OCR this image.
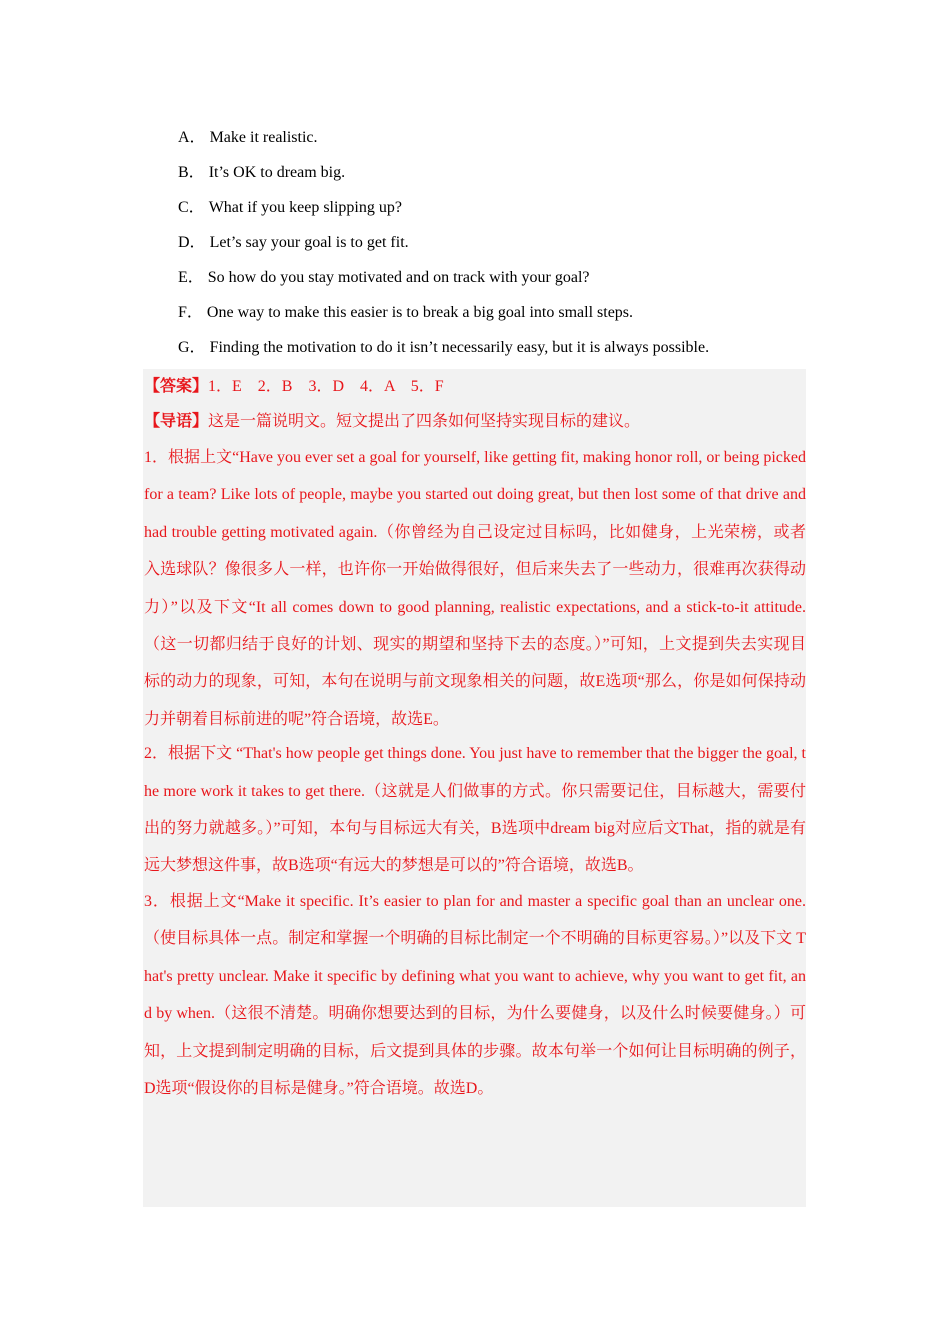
A． Make it realistic.
B． It’s OK to dream big.
C． What if you keep slipping up?
D． Let’s say your goal is to get fit.
E． So how do you stay motivated and on track with your goal?
F． One way to make this easier is to break a big goal into small steps.
G． Finding the motivation to do it isn’t necessarily easy, but it is always possible.
【答案】1．E　2．B　3．D　4．A　5．F
【导语】这是一篇说明文。短文提出了四条如何坚持实现目标的建议。

1．根据上文“Have you ever set a goal for yourself, like getting fit, making honor roll, or being picked for a team? Like lots of people, maybe you started out doing great, but then lost some of that drive and had trouble getting motivated again.（你曾经为自己设定过目标吗，比如健身，上光荣榜，或者入选球队？像很多人一样，也许你一开始做得很好，但后来失去了一些动力，很难再次获得动力）”以及下文“It all comes down to good planning, realistic expectations, and a stick-to-it attitude.（这一切都归结于良好的计划、现实的期望和坚持下去的态度。）”可知，上文提到失去实现目标的动力的现象，可知，本句在说明与前文现象相关的问题，故E选项“那么，你是如何保持动力并朝着目标前进的呢”符合语境，故选E。

2．根据下文 “That's how people get things done. You just have to remember that the bigger the goal, the more work it takes to get there.（这就是人们做事的方式。你只需要记住，目标越大，需要付出的努力就越多。）”可知，本句与目标远大有关，B选项中dream big对应后文That，指的就是有远大梦想这件事，故B选项“有远大的梦想是可以的”符合语境，故选B。

3．根据上文“Make it specific. It’s easier to plan for and master a specific goal than an unclear one.（使目标具体一点。制定和掌握一个明确的目标比制定一个不明确的目标更容易。）”以及下文 That's pretty unclear. Make it specific by defining what you want to achieve, why you want to get fit, and by when.（这很不清楚。明确你想要达到的目标，为什么要健身，以及什么时候要健身。）可知，上文提到制定明确的目标，后文提到具体的步骤。故本句举一个如何让目标明确的例子，D选项“假设你的目标是健身。”符合语境。故选D。
